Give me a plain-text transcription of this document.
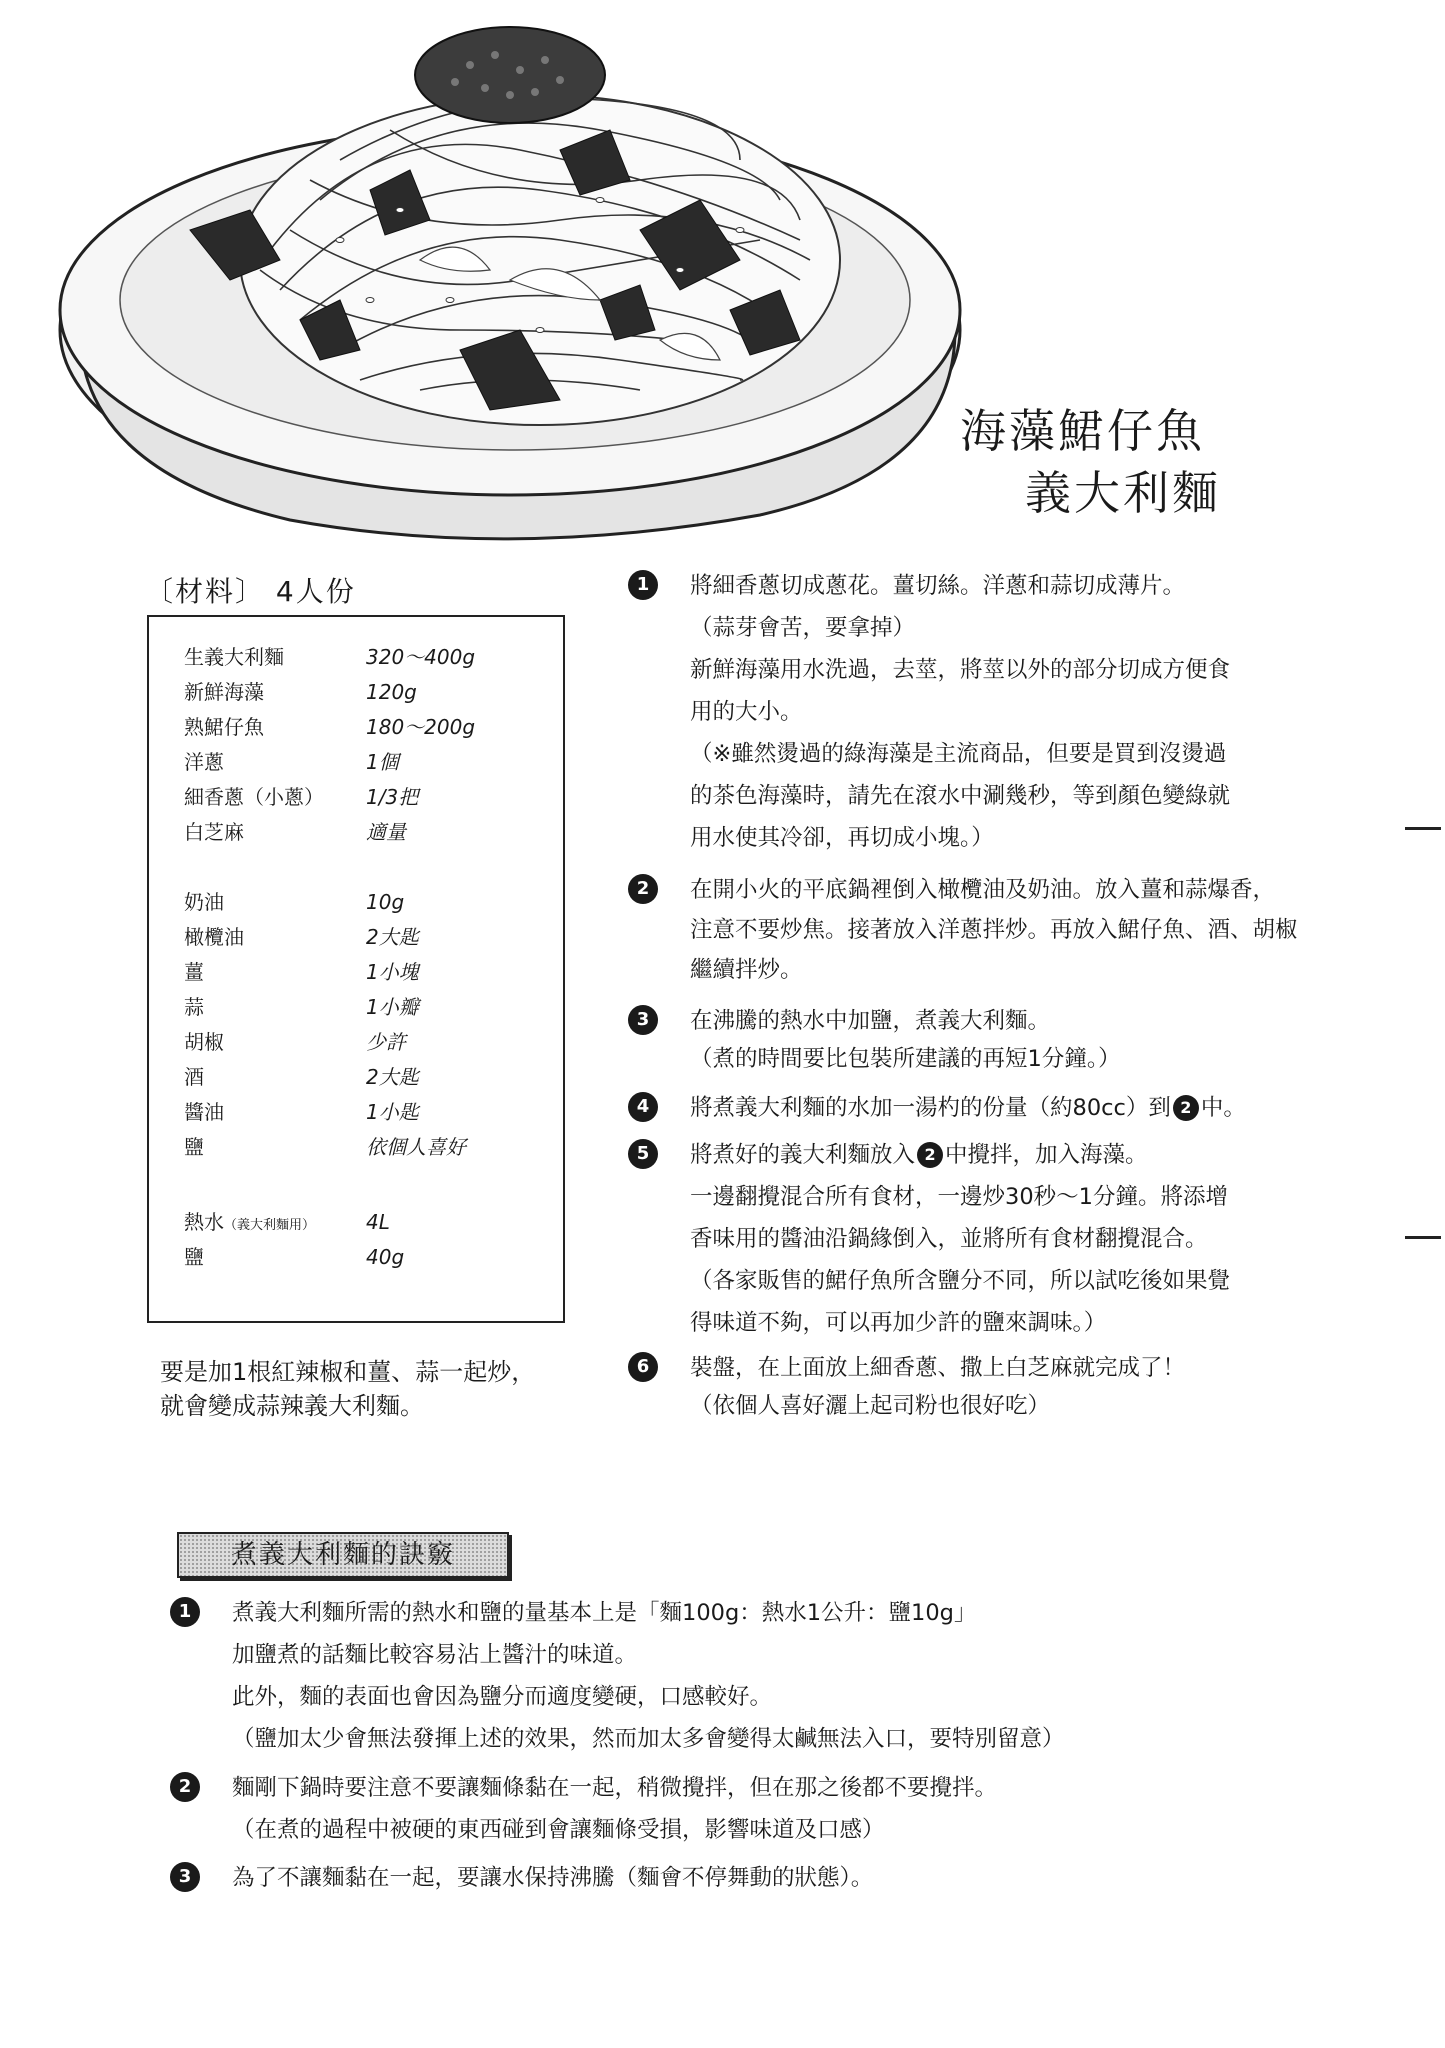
海藻鮶仔魚
義大利麵
〔材料〕 4人份
生義大利麵	320〜400g
新鮮海藻	120g
熟鮶仔魚	180〜200g
洋蔥	1個
細香蔥（小蔥） 1/3把
白芝麻	適量
奶油	10g
橄欖油	2大匙
薑	1小塊
蒜	1小瓣
胡椒	少許
酒	2大匙
醬油	1小匙
鹽	依個人喜好
熱水（義大利麵用）	4L
鹽	40g
要是加1根紅辣椒和薑、蒜一起炒，
就會變成蒜辣義大利麵。
1	將細香蔥切成蔥花。薑切絲。洋蔥和蒜切成薄片。
（蒜芽會苦，要拿掉）
新鮮海藻用水洗過，去莖，將莖以外的部分切成方便食
用的大小。
（※雖然燙過的綠海藻是主流商品，但要是買到沒燙過
的茶色海藻時，請先在滾水中涮幾秒，等到顏色變綠就
用水使其冷卻，再切成小塊。）
2	在開小火的平底鍋裡倒入橄欖油及奶油。放入薑和蒜爆香，
注意不要炒焦。接著放入洋蔥拌炒。再放入鮶仔魚、酒、胡椒
繼續拌炒。
3	在沸騰的熱水中加鹽，煮義大利麵。
（煮的時間要比包裝所建議的再短1分鐘。）
4	將煮義大利麵的水加一湯杓的份量（約80cc）到 2 中。
5	將煮好的義大利麵放入 2 中攪拌，加入海藻。
一邊翻攪混合所有食材，一邊炒30秒〜1分鐘。將添增
香味用的醬油沿鍋緣倒入，並將所有食材翻攪混合。
（各家販售的鮶仔魚所含鹽分不同，所以試吃後如果覺
得味道不夠，可以再加少許的鹽來調味。）
6	裝盤，在上面放上細香蔥、撒上白芝麻就完成了！
（依個人喜好灑上起司粉也很好吃）
煮義大利麵的訣竅
1	煮義大利麵所需的熱水和鹽的量基本上是「麵100g：熱水1公升：鹽10g」
加鹽煮的話麵比較容易沾上醬汁的味道。
此外，麵的表面也會因為鹽分而適度變硬，口感較好。
（鹽加太少會無法發揮上述的效果，然而加太多會變得太鹹無法入口，要特別留意）
2	麵剛下鍋時要注意不要讓麵條黏在一起，稍微攪拌，但在那之後都不要攪拌。
（在煮的過程中被硬的東西碰到會讓麵條受損，影響味道及口感）
3	為了不讓麵黏在一起，要讓水保持沸騰（麵會不停舞動的狀態）。
